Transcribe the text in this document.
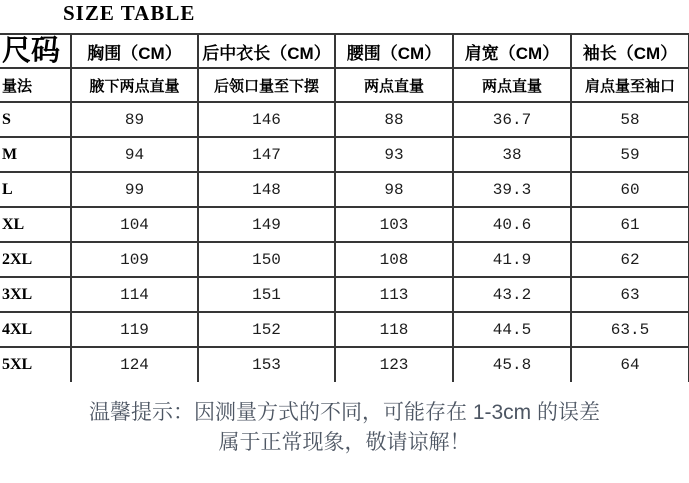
SIZE TABLE
尺码	胸围（CM）	后中衣长（CM）	腰围（CM）	肩宽（CM）	袖长（CM）
量法	腋下两点直量	后领口量至下摆	两点直量	两点直量	肩点量至袖口
S	89	146	88	36.7	58
M	94	147	93	38	59
L	99	148	98	39.3	60
XL	104	149	103	40.6	61
2XL	109	150	108	41.9	62
3XL	114	151	113	43.2	63
4XL	119	152	118	44.5	63.5
5XL	124	153	123	45.8	64

温馨提示：因测量方式的不同，可能存在 1-3cm 的误差

属于正常现象，敬请谅解！
